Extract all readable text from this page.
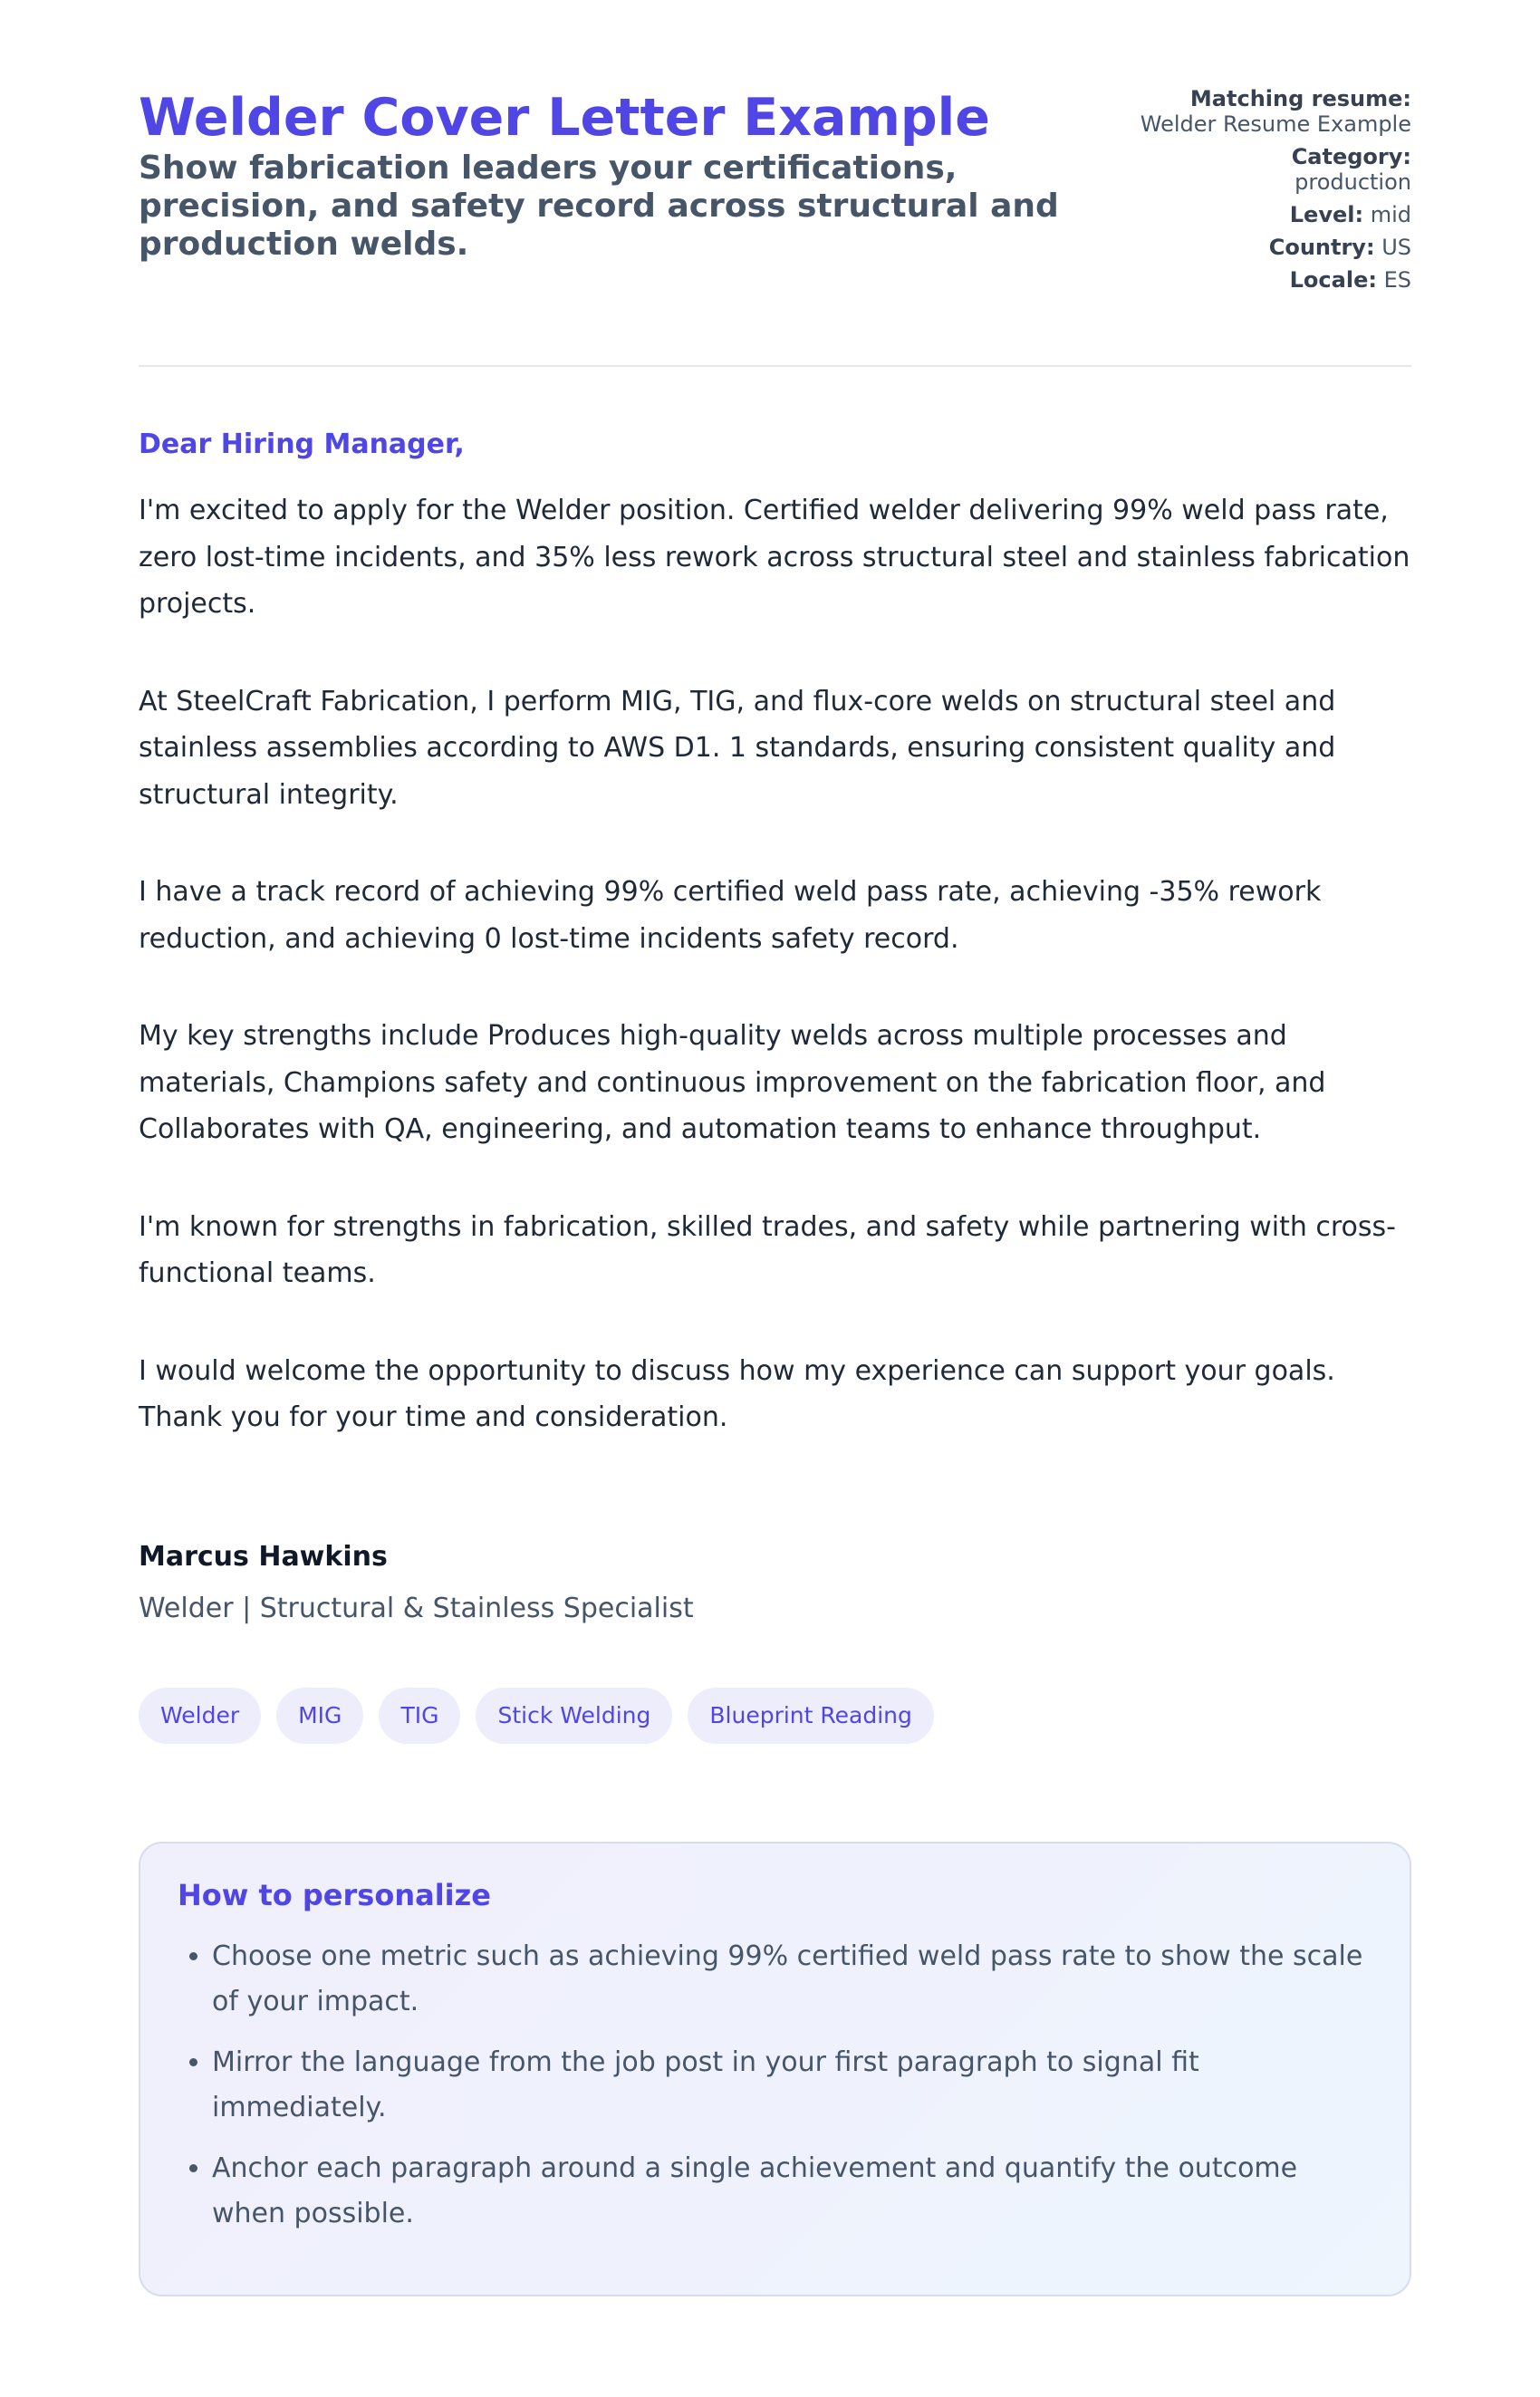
Welder Cover Letter Example

Show fabrication leaders your certifications, precision, and safety record across structural and production welds.

Matching resume:
Welder Resume Example
Category:
production
Level: mid
Country: US
Locale: ES
Dear Hiring Manager,

I'm excited to apply for the Welder position. Certified welder delivering 99% weld pass rate, zero lost-time incidents, and 35% less rework across structural steel and stainless fabrication projects.

At SteelCraft Fabrication, I perform MIG, TIG, and flux-core welds on structural steel and stainless assemblies according to AWS D1. 1 standards, ensuring consistent quality and structural integrity.

I have a track record of achieving 99% certified weld pass rate, achieving -35% rework reduction, and achieving 0 lost-time incidents safety record.

My key strengths include Produces high-quality welds across multiple processes and materials, Champions safety and continuous improvement on the fabrication floor, and Collaborates with QA, engineering, and automation teams to enhance throughput.

I'm known for strengths in fabrication, skilled trades, and safety while partnering with cross-functional teams.

I would welcome the opportunity to discuss how my experience can support your goals. Thank you for your time and consideration.

Marcus Hawkins
Welder | Structural & Stainless Specialist
Welder	MIG	TIG	Stick Welding	Blueprint Reading
How to personalize
• Choose one metric such as achieving 99% certified weld pass rate to show the scale of your impact.
• Mirror the language from the job post in your first paragraph to signal fit immediately.
• Anchor each paragraph around a single achievement and quantify the outcome when possible.
